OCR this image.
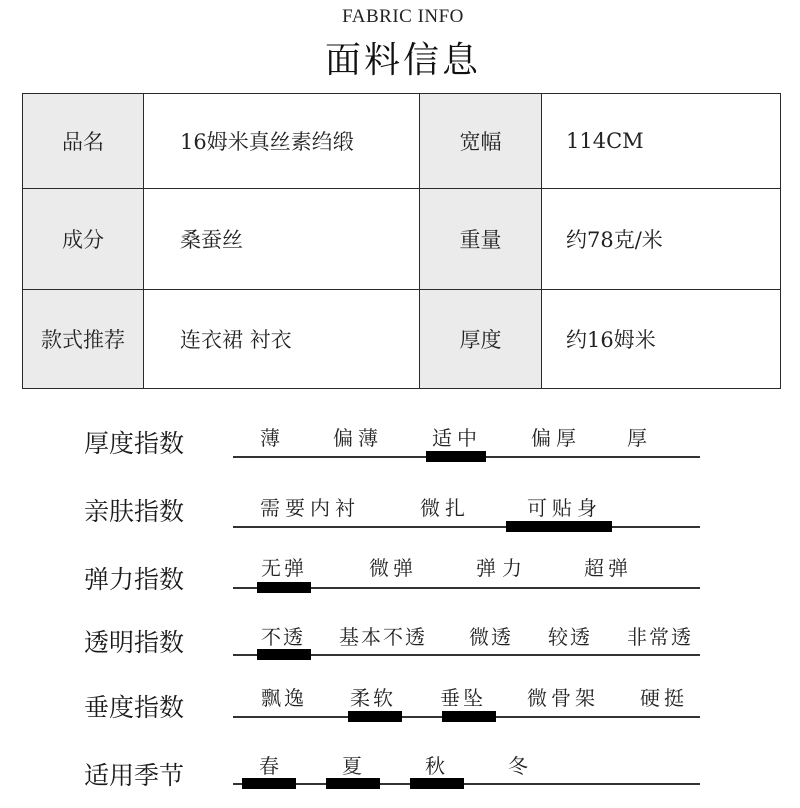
FABRIC INFO
面料信息
品名	16姆米真丝素绉缎	宽幅	114CM
成分	桑蚕丝	重量	约78克/米
款式推荐	连衣裙 衬衣	厚度	约16姆米
厚度指数	薄	偏薄 适中 偏厚 厚
亲肤指数	需要内衬	微扎	可贴身
弹力指数	无弹	微弹	弹力	超弹
透明指数	不透 基本不透 微透 较透 非常透
垂度指数	飘逸 柔软 垂坠 微骨架 硬挺
适用季节	春	夏	秋	冬
